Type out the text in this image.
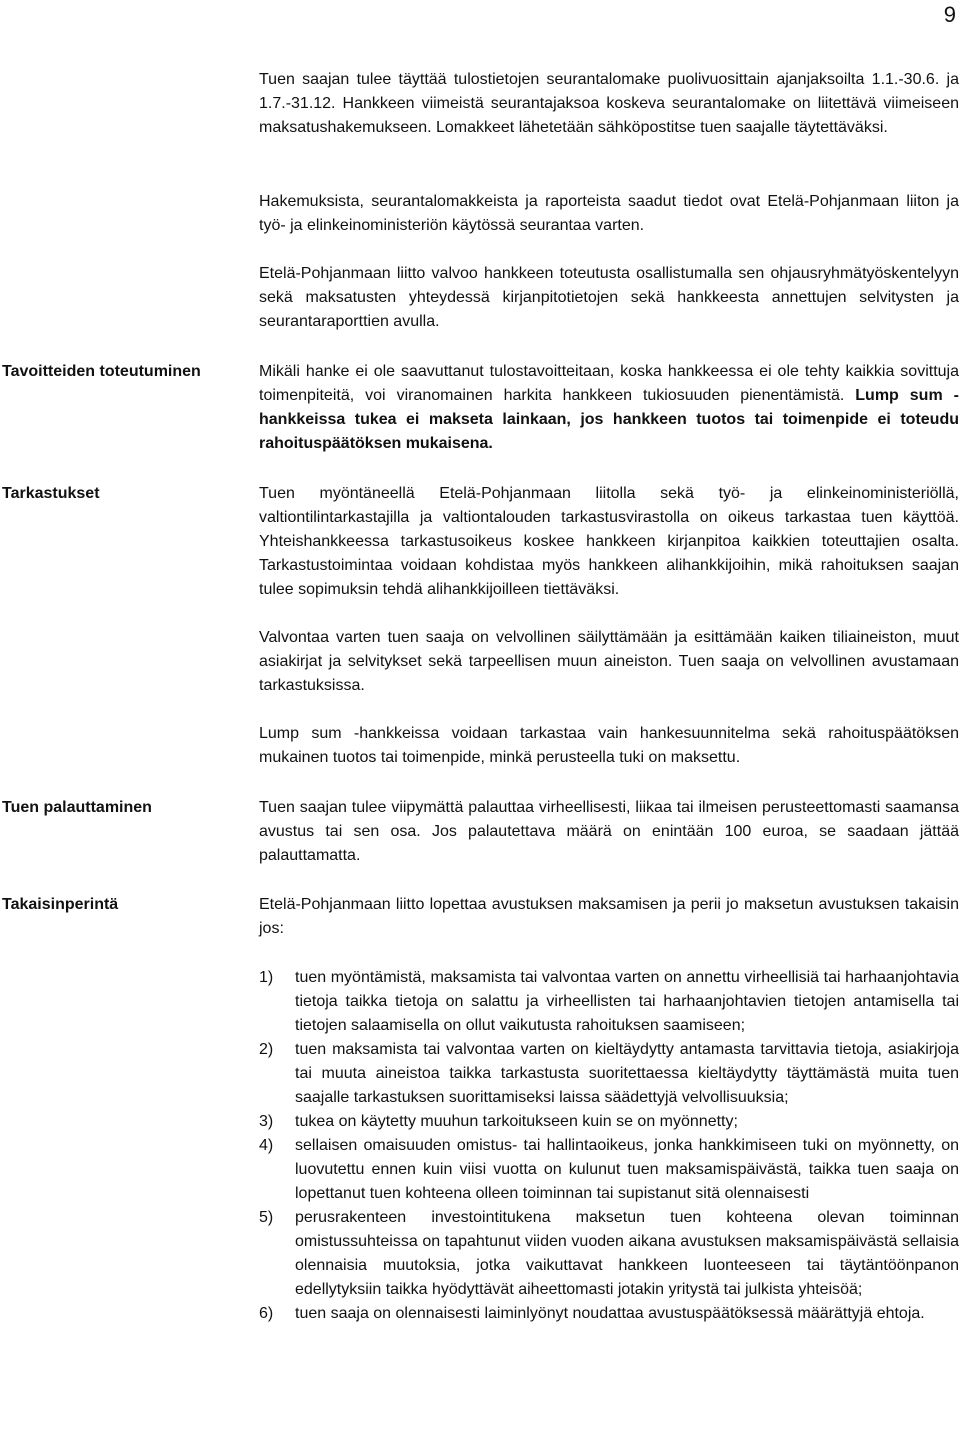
9

Tuen saajan tulee täyttää tulostietojen seurantalomake puolivuosittain ajanjaksoilta 1.1.-30.6. ja 1.7.-31.12. Hankkeen viimeistä seurantajaksoa koskeva seurantalomake on liitettävä viimeiseen maksatushakemukseen. Lomakkeet lähetetään sähköpostitse tuen saajalle täytettäväksi.

Hakemuksista, seurantalomakkeista ja raporteista saadut tiedot ovat Etelä-Pohjanmaan liiton ja työ- ja elinkeinoministeriön käytössä seurantaa varten.

Etelä-Pohjanmaan liitto valvoo hankkeen toteutusta osallistumalla sen ohjausryhmätyöskentelyyn sekä maksatusten yhteydessä kirjanpitotietojen sekä hankkeesta annettujen selvitysten ja seurantaraporttien avulla.

Tavoitteiden toteutuminen	Mikäli hanke ei ole saavuttanut tulostavoitteitaan, koska hankkeessa ei ole tehty kaikkia sovittuja toimenpiteitä, voi viranomainen harkita hankkeen tukiosuuden pienentämistä. Lump sum -hankkeissa tukea ei makseta lainkaan, jos hankkeen tuotos tai toimenpide ei toteudu rahoituspäätöksen mukaisena.

Tarkastukset	Tuen myöntäneellä Etelä-Pohjanmaan liitolla sekä työ- ja elinkeinoministeriöllä, valtiontilintarkastajilla ja valtiontalouden tarkastusvirastolla on oikeus tarkastaa tuen käyttöä. Yhteishankkeessa tarkastusoikeus koskee hankkeen kirjanpitoa kaikkien toteuttajien osalta. Tarkastustoimintaa voidaan kohdistaa myös hankkeen alihankkijoihin, mikä rahoituksen saajan tulee sopimuksin tehdä alihankkijoilleen tiettäväksi.

Valvontaa varten tuen saaja on velvollinen säilyttämään ja esittämään kaiken tiliaineiston, muut asiakirjat ja selvitykset sekä tarpeellisen muun aineiston. Tuen saaja on velvollinen avustamaan tarkastuksissa.

Lump sum -hankkeissa voidaan tarkastaa vain hankesuunnitelma sekä rahoituspäätöksen mukainen tuotos tai toimenpide, minkä perusteella tuki on maksettu.

Tuen palauttaminen	Tuen saajan tulee viipymättä palauttaa virheellisesti, liikaa tai ilmeisen perusteettomasti saamansa avustus tai sen osa. Jos palautettava määrä on enintään 100 euroa, se saadaan jättää palauttamatta.

Takaisinperintä	Etelä-Pohjanmaan liitto lopettaa avustuksen maksamisen ja perii jo maksetun avustuksen takaisin jos:

1) tuen myöntämistä, maksamista tai valvontaa varten on annettu virheellisiä tai harhaanjohtavia tietoja taikka tietoja on salattu ja virheellisten tai harhaanjohtavien tietojen antamisella tai tietojen salaamisella on ollut vaikutusta rahoituksen saamiseen;
2) tuen maksamista tai valvontaa varten on kieltäydytty antamasta tarvittavia tietoja, asiakirjoja tai muuta aineistoa taikka tarkastusta suoritettaessa kieltäydytty täyttämästä muita tuen saajalle tarkastuksen suorittamiseksi laissa säädettyjä velvollisuuksia;
3) tukea on käytetty muuhun tarkoitukseen kuin se on myönnetty;
4) sellaisen omaisuuden omistus- tai hallintaoikeus, jonka hankkimiseen tuki on myönnetty, on luovutettu ennen kuin viisi vuotta on kulunut tuen maksamispäivästä, taikka tuen saaja on lopettanut tuen kohteena olleen toiminnan tai supistanut sitä olennaisesti
5) perusrakenteen investointitukena maksetun tuen kohteena olevan toiminnan omistussuhteissa on tapahtunut viiden vuoden aikana avustuksen maksamispäivästä sellaisia olennaisia muutoksia, jotka vaikuttavat hankkeen luonteeseen tai täytäntöönpanon edellytyksiin taikka hyödyttävät aiheettomasti jotakin yritystä tai julkista yhteisöä;
6) tuen saaja on olennaisesti laiminlyönyt noudattaa avustuspäätöksessä määrättyjä ehtoja.
